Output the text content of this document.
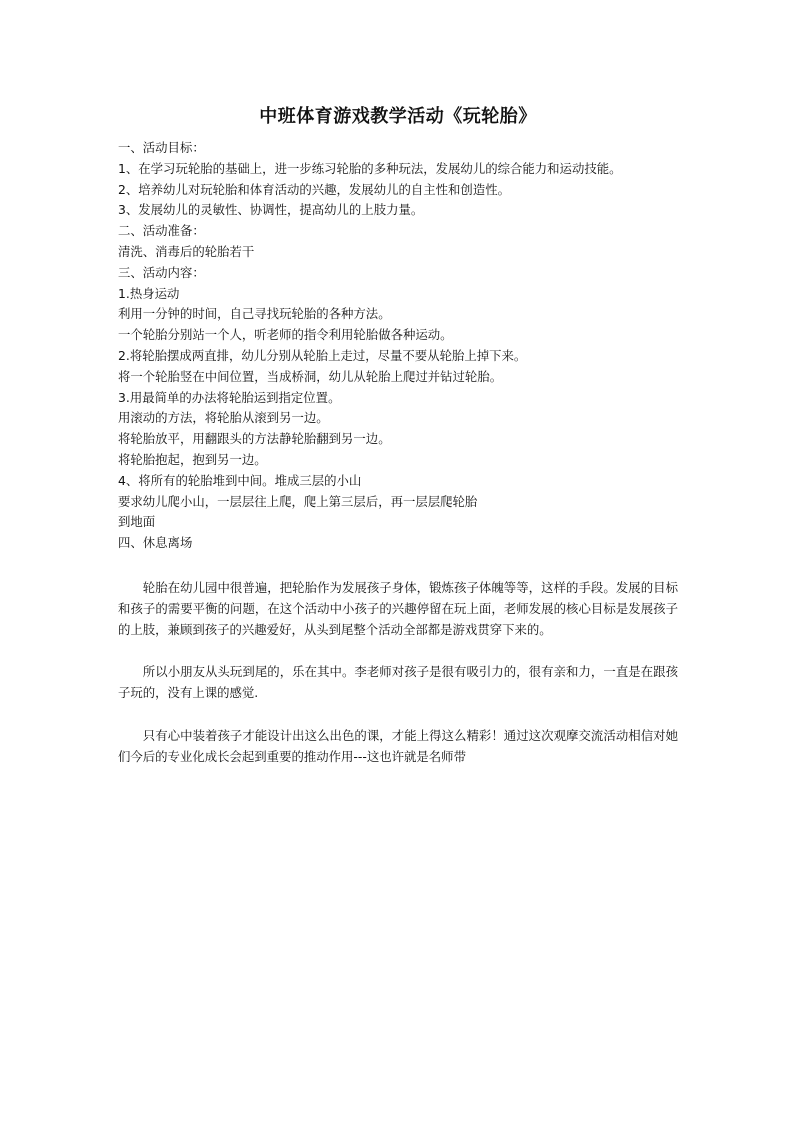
中班体育游戏教学活动《玩轮胎》

一、活动目标：

1、在学习玩轮胎的基础上，进一步练习轮胎的多种玩法，发展幼儿的综合能力和运动技能。

2、培养幼儿对玩轮胎和体育活动的兴趣，发展幼儿的自主性和创造性。

3、发展幼儿的灵敏性、协调性，提高幼儿的上肢力量。

二、活动准备：

清洗、消毒后的轮胎若干

三、活动内容：

1.热身运动

利用一分钟的时间，自己寻找玩轮胎的各种方法。

一个轮胎分别站一个人，听老师的指令利用轮胎做各种运动。

2.将轮胎摆成两直排，幼儿分别从轮胎上走过，尽量不要从轮胎上掉下来。

将一个轮胎竖在中间位置，当成桥洞，幼儿从轮胎上爬过并钻过轮胎。

3.用最简单的办法将轮胎运到指定位置。

用滚动的方法，将轮胎从滚到另一边。

将轮胎放平，用翻跟头的方法静轮胎翻到另一边。

将轮胎抱起，抱到另一边。

4、将所有的轮胎堆到中间。堆成三层的小山

要求幼儿爬小山，一层层往上爬，爬上第三层后，再一层层爬轮胎

到地面

四、休息离场

轮胎在幼儿园中很普遍，把轮胎作为发展孩子身体，锻炼孩子体魄等等，这样的手段。发展的目标和孩子的需要平衡的问题，在这个活动中小孩子的兴趣停留在玩上面，老师发展的核心目标是发展孩子的上肢，兼顾到孩子的兴趣爱好，从头到尾整个活动全部都是游戏贯穿下来的。

所以小朋友从头玩到尾的，乐在其中。李老师对孩子是很有吸引力的，很有亲和力，一直是在跟孩子玩的，没有上课的感觉.

只有心中装着孩子才能设计出这么出色的课，才能上得这么精彩！通过这次观摩交流活动相信对她们今后的专业化成长会起到重要的推动作用---这也许就是名师带
